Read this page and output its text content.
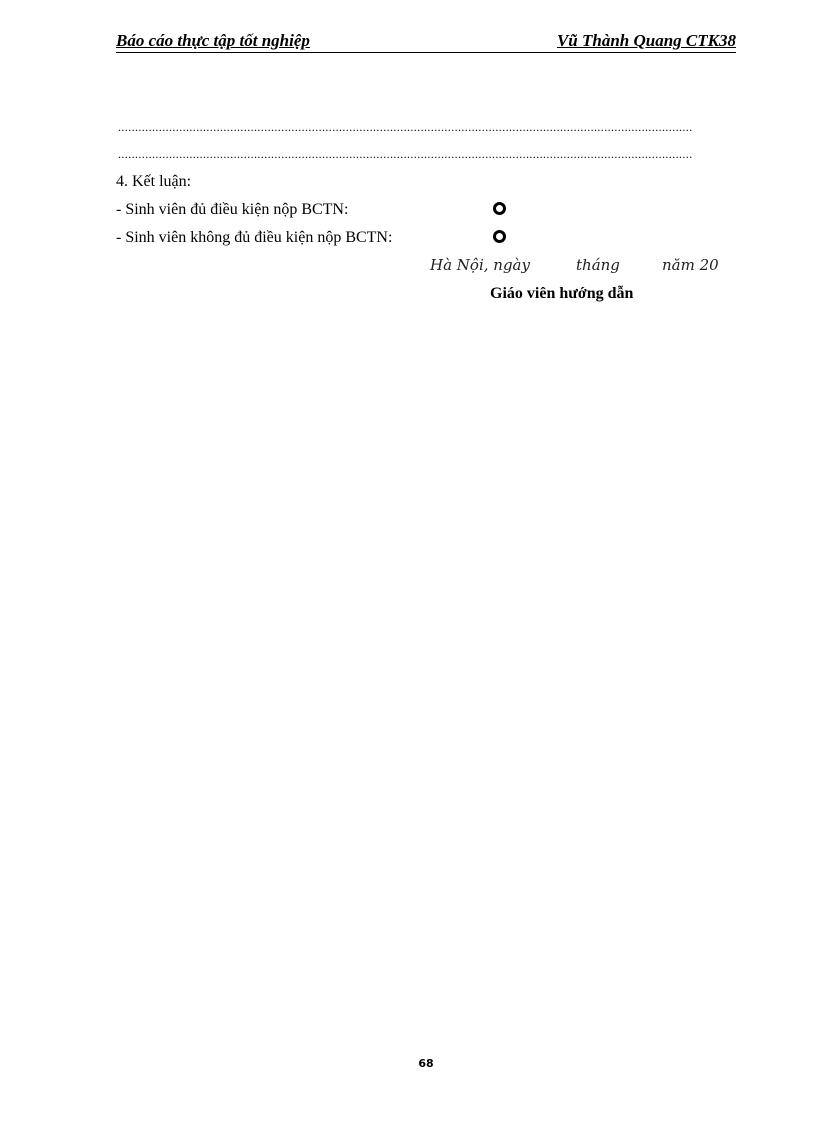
Báo cáo thực tập tốt nghiệp	Vũ Thành Quang CTK38
.........................................................................................................................................................................
.........................................................................................................................................................................
4. Kết luận:
- Sinh viên đủ điều kiện nộp BCTN:
- Sinh viên không đủ điều kiện nộp BCTN:
Hà Nội, ngày	tháng	năm 20
Giáo viên hướng dẫn
68
